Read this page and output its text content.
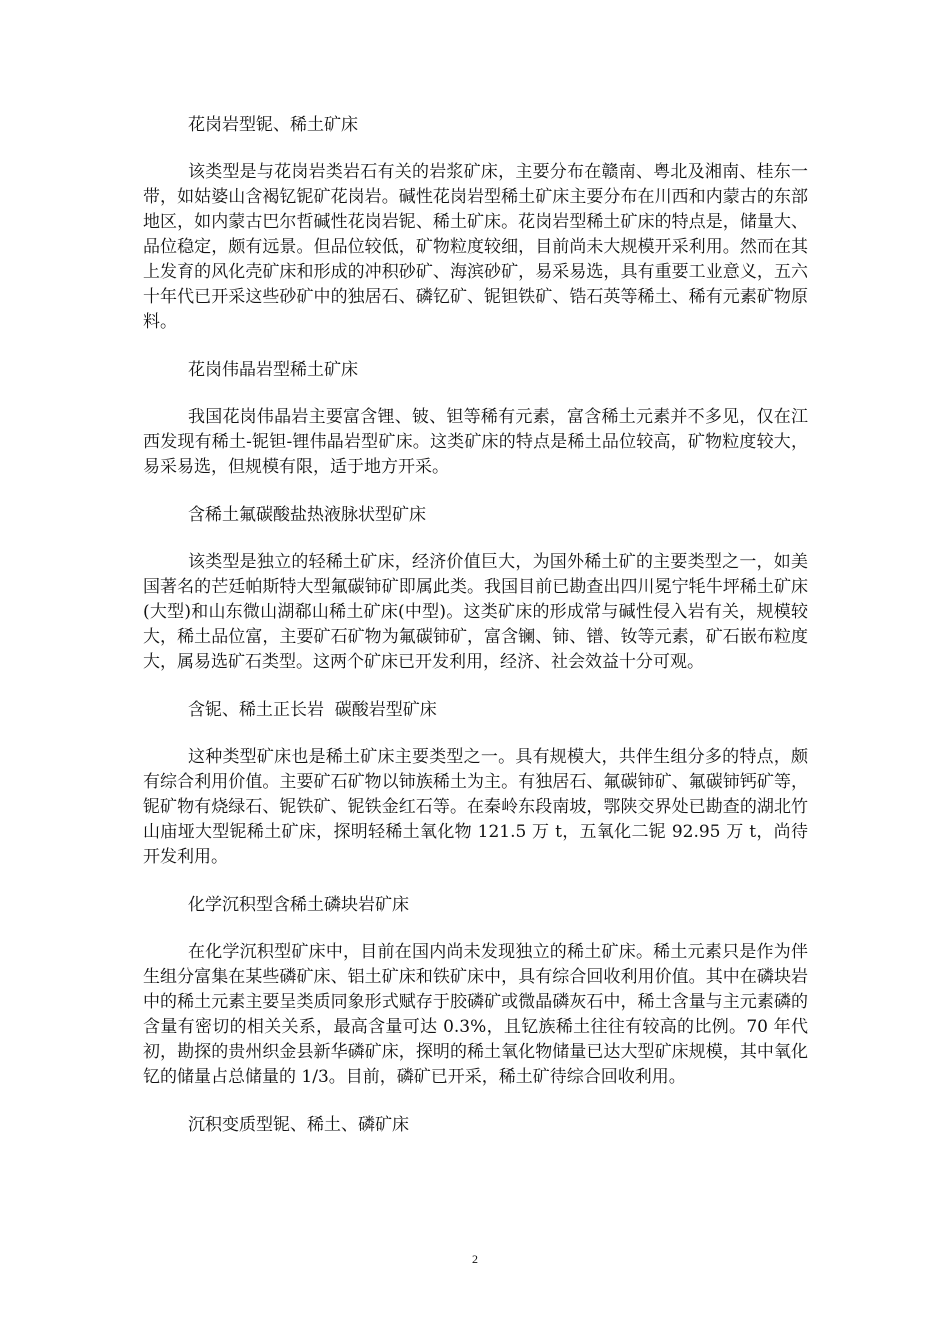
花岗岩型铌、稀土矿床
该类型是与花岗岩类岩石有关的岩浆矿床，主要分布在赣南、粤北及湘南、桂东一带，如姑婆山含褐钇铌矿花岗岩。碱性花岗岩型稀土矿床主要分布在川西和内蒙古的东部地区，如内蒙古巴尔哲碱性花岗岩铌、稀土矿床。花岗岩型稀土矿床的特点是，储量大、品位稳定，颇有远景。但品位较低，矿物粒度较细，目前尚未大规模开采利用。然而在其上发育的风化壳矿床和形成的冲积砂矿、海滨砂矿，易采易选，具有重要工业意义，五六十年代已开采这些砂矿中的独居石、磷钇矿、铌钽铁矿、锆石英等稀土、稀有元素矿物原料。
花岗伟晶岩型稀土矿床
我国花岗伟晶岩主要富含锂、铍、钽等稀有元素，富含稀土元素并不多见，仅在江西发现有稀土-铌钽-锂伟晶岩型矿床。这类矿床的特点是稀土品位较高，矿物粒度较大，易采易选，但规模有限，适于地方开采。
含稀土氟碳酸盐热液脉状型矿床
该类型是独立的轻稀土矿床，经济价值巨大，为国外稀土矿的主要类型之一，如美国著名的芒廷帕斯特大型氟碳铈矿即属此类。我国目前已勘查出四川冕宁牦牛坪稀土矿床(大型)和山东微山湖郗山稀土矿床(中型)。这类矿床的形成常与碱性侵入岩有关，规模较大，稀土品位富，主要矿石矿物为氟碳铈矿，富含镧、铈、镨、钕等元素，矿石嵌布粒度大，属易选矿石类型。这两个矿床已开发利用，经济、社会效益十分可观。
含铌、稀土正长岩  碳酸岩型矿床
这种类型矿床也是稀土矿床主要类型之一。具有规模大，共伴生组分多的特点，颇有综合利用价值。主要矿石矿物以铈族稀土为主。有独居石、氟碳铈矿、氟碳铈钙矿等，铌矿物有烧绿石、铌铁矿、铌铁金红石等。在秦岭东段南坡，鄂陕交界处已勘查的湖北竹山庙垭大型铌稀土矿床，探明轻稀土氧化物 121.5 万 t，五氧化二铌 92.95 万 t，尚待开发利用。
化学沉积型含稀土磷块岩矿床
在化学沉积型矿床中，目前在国内尚未发现独立的稀土矿床。稀土元素只是作为伴生组分富集在某些磷矿床、铝土矿床和铁矿床中，具有综合回收利用价值。其中在磷块岩中的稀土元素主要呈类质同象形式赋存于胶磷矿或微晶磷灰石中，稀土含量与主元素磷的含量有密切的相关关系，最高含量可达 0.3%，且钇族稀土往往有较高的比例。70 年代初，勘探的贵州织金县新华磷矿床，探明的稀土氧化物储量已达大型矿床规模，其中氧化钇的储量占总储量的 1/3。目前，磷矿已开采，稀土矿待综合回收利用。
沉积变质型铌、稀土、磷矿床
2
